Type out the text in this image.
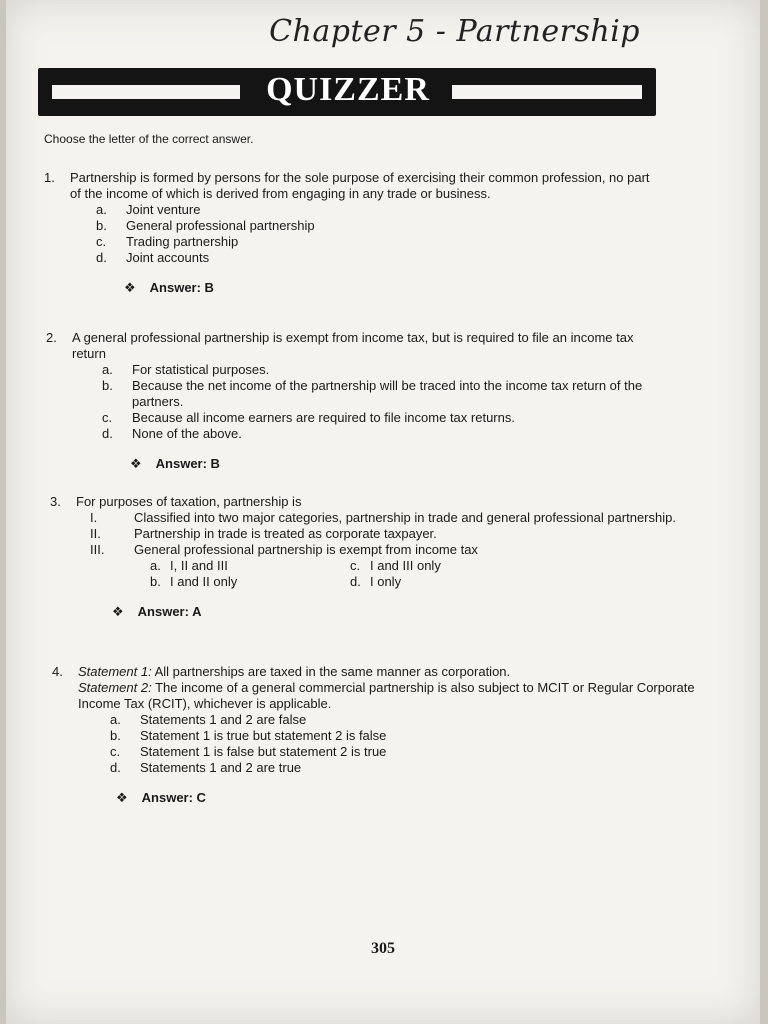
Chapter 5 - Partnership
QUIZZER
Choose the letter of the correct answer.
1. Partnership is formed by persons for the sole purpose of exercising their common profession, no part of the income of which is derived from engaging in any trade or business.
a. Joint venture
b. General professional partnership
c. Trading partnership
d. Joint accounts
❖ Answer: B
2. A general professional partnership is exempt from income tax, but is required to file an income tax return
a. For statistical purposes.
b. Because the net income of the partnership will be traced into the income tax return of the partners.
c. Because all income earners are required to file income tax returns.
d. None of the above.
❖ Answer: B
3. For purposes of taxation, partnership is
I.	Classified into two major categories, partnership in trade and general professional partnership.
II.	Partnership in trade is treated as corporate taxpayer.
III. General professional partnership is exempt from income tax
a. I, II and III	c. I and III only
b. I and II only	d. I only
❖ Answer: A
4. Statement 1: All partnerships are taxed in the same manner as corporation.
Statement 2: The income of a general commercial partnership is also subject to MCIT or Regular Corporate Income Tax (RCIT), whichever is applicable.
a. Statements 1 and 2 are false
b. Statement 1 is true but statement 2 is false
c. Statement 1 is false but statement 2 is true
d. Statements 1 and 2 are true
❖ Answer: C
305
